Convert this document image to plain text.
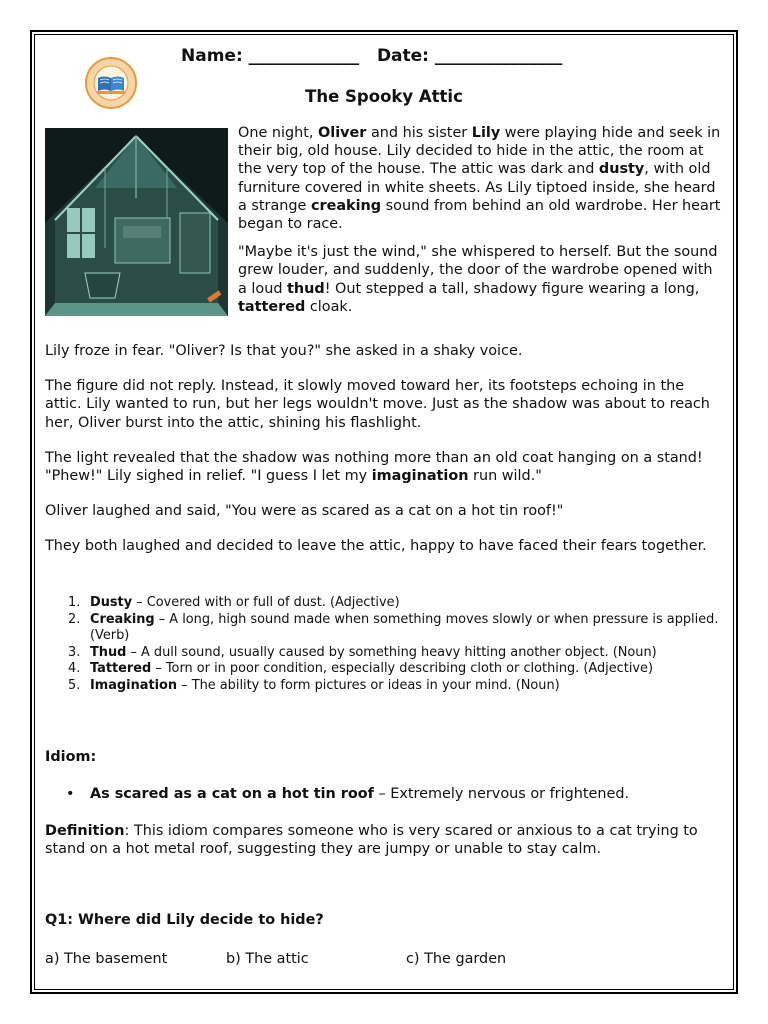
Name: _____________ Date: _______________
The Spooky Attic

One night, Oliver and his sister Lily were playing hide and seek in their big, old house. Lily decided to hide in the attic, the room at the very top of the house. The attic was dark and dusty, with old furniture covered in white sheets. As Lily tiptoed inside, she heard a strange creaking sound from behind an old wardrobe. Her heart began to race.

"Maybe it's just the wind," she whispered to herself. But the sound grew louder, and suddenly, the door of the wardrobe opened with a loud thud! Out stepped a tall, shadowy figure wearing a long, tattered cloak.

Lily froze in fear. "Oliver? Is that you?" she asked in a shaky voice.

The figure did not reply. Instead, it slowly moved toward her, its footsteps echoing in the attic. Lily wanted to run, but her legs wouldn't move. Just as the shadow was about to reach her, Oliver burst into the attic, shining his flashlight.

The light revealed that the shadow was nothing more than an old coat hanging on a stand! "Phew!" Lily sighed in relief. "I guess I let my imagination run wild."

Oliver laughed and said, "You were as scared as a cat on a hot tin roof!"

They both laughed and decided to leave the attic, happy to have faced their fears together.

1. Dusty – Covered with or full of dust. (Adjective)
2. Creaking – A long, high sound made when something moves slowly or when pressure is applied. (Verb)
3. Thud – A dull sound, usually caused by something heavy hitting another object. (Noun)
4. Tattered – Torn or in poor condition, especially describing cloth or clothing. (Adjective)
5. Imagination – The ability to form pictures or ideas in your mind. (Noun)
Idiom:
• As scared as a cat on a hot tin roof – Extremely nervous or frightened.
Definition: This idiom compares someone who is very scared or anxious to a cat trying to stand on a hot metal roof, suggesting they are jumpy or unable to stay calm.
Q1: Where did Lily decide to hide?
a) The basement	b) The attic	c) The garden
